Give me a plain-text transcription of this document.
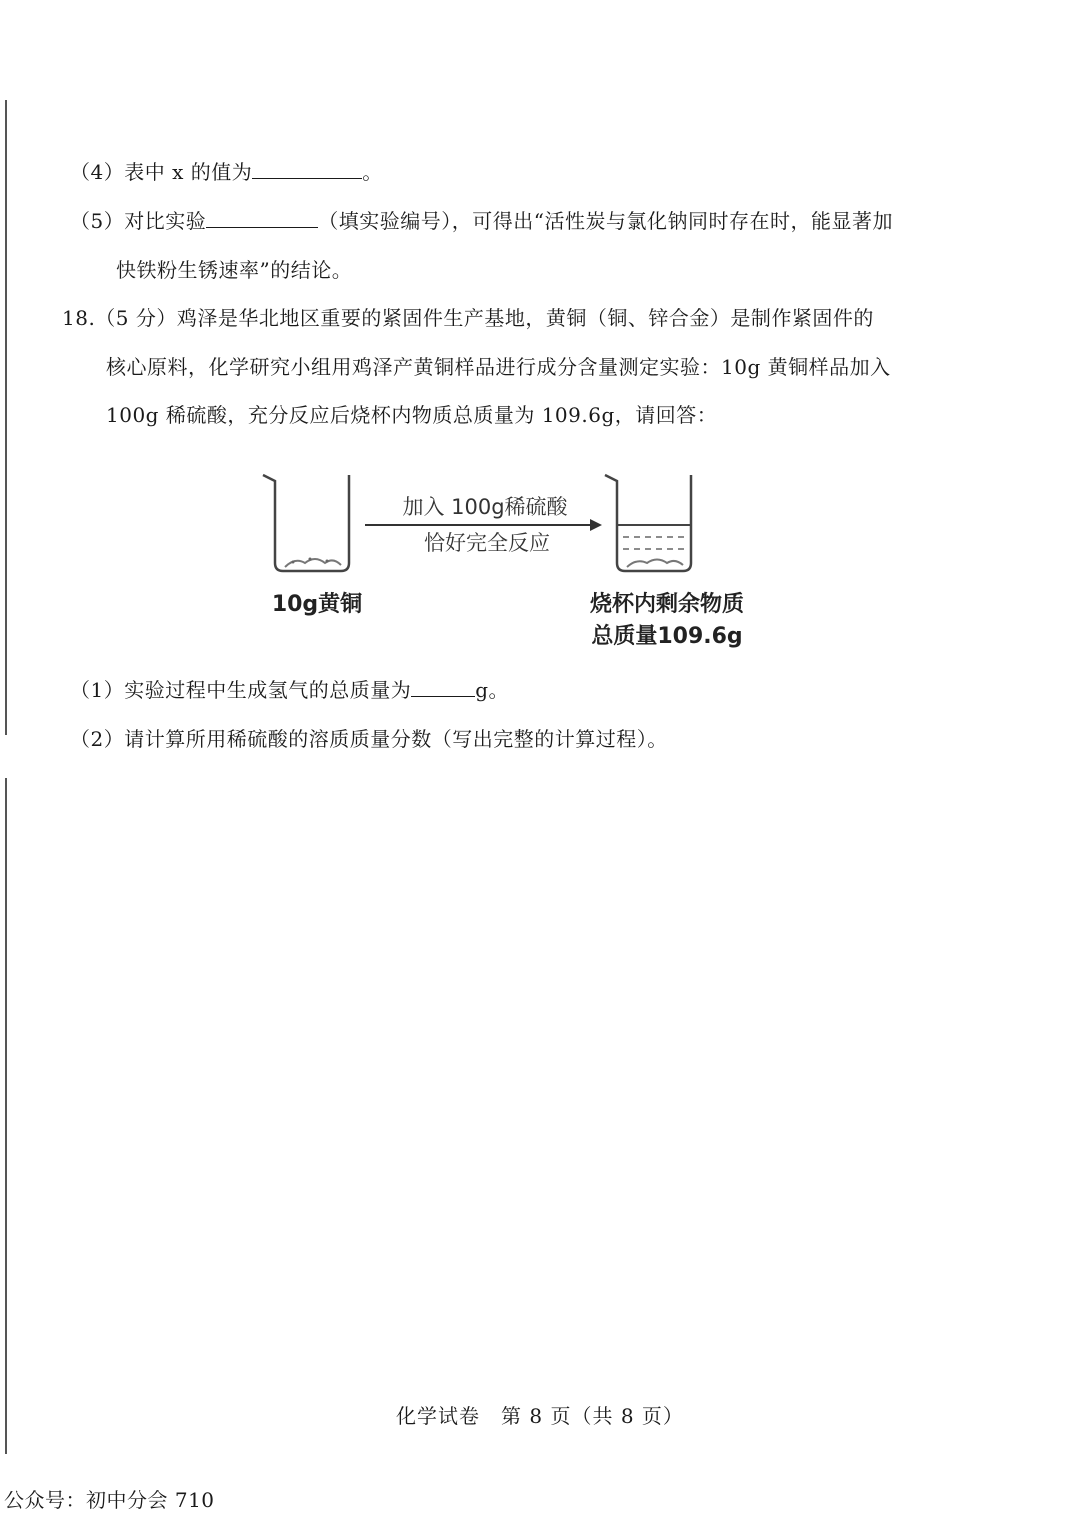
（4）表中 x 的值为	。
（5）对比实验	（填实验编号），可得出“活性炭与氯化钠同时存在时，能显著加
快铁粉生锈速率”的结论。
18.（5 分）鸡泽是华北地区重要的紧固件生产基地，黄铜（铜、锌合金）是制作紧固件的
核心原料，化学研究小组用鸡泽产黄铜样品进行成分含量测定实验：10g 黄铜样品加入
100g 稀硫酸，充分反应后烧杯内物质总质量为 109.6g，请回答：
加入 100g稀硫酸
恰好完全反应
10g黄铜	烧杯内剩余物质
总质量109.6g
（1）实验过程中生成氢气的总质量为	g。
（2）请计算所用稀硫酸的溶质质量分数（写出完整的计算过程）。
化学试卷　第 8 页（共 8 页）
公众号：初中分会 710
